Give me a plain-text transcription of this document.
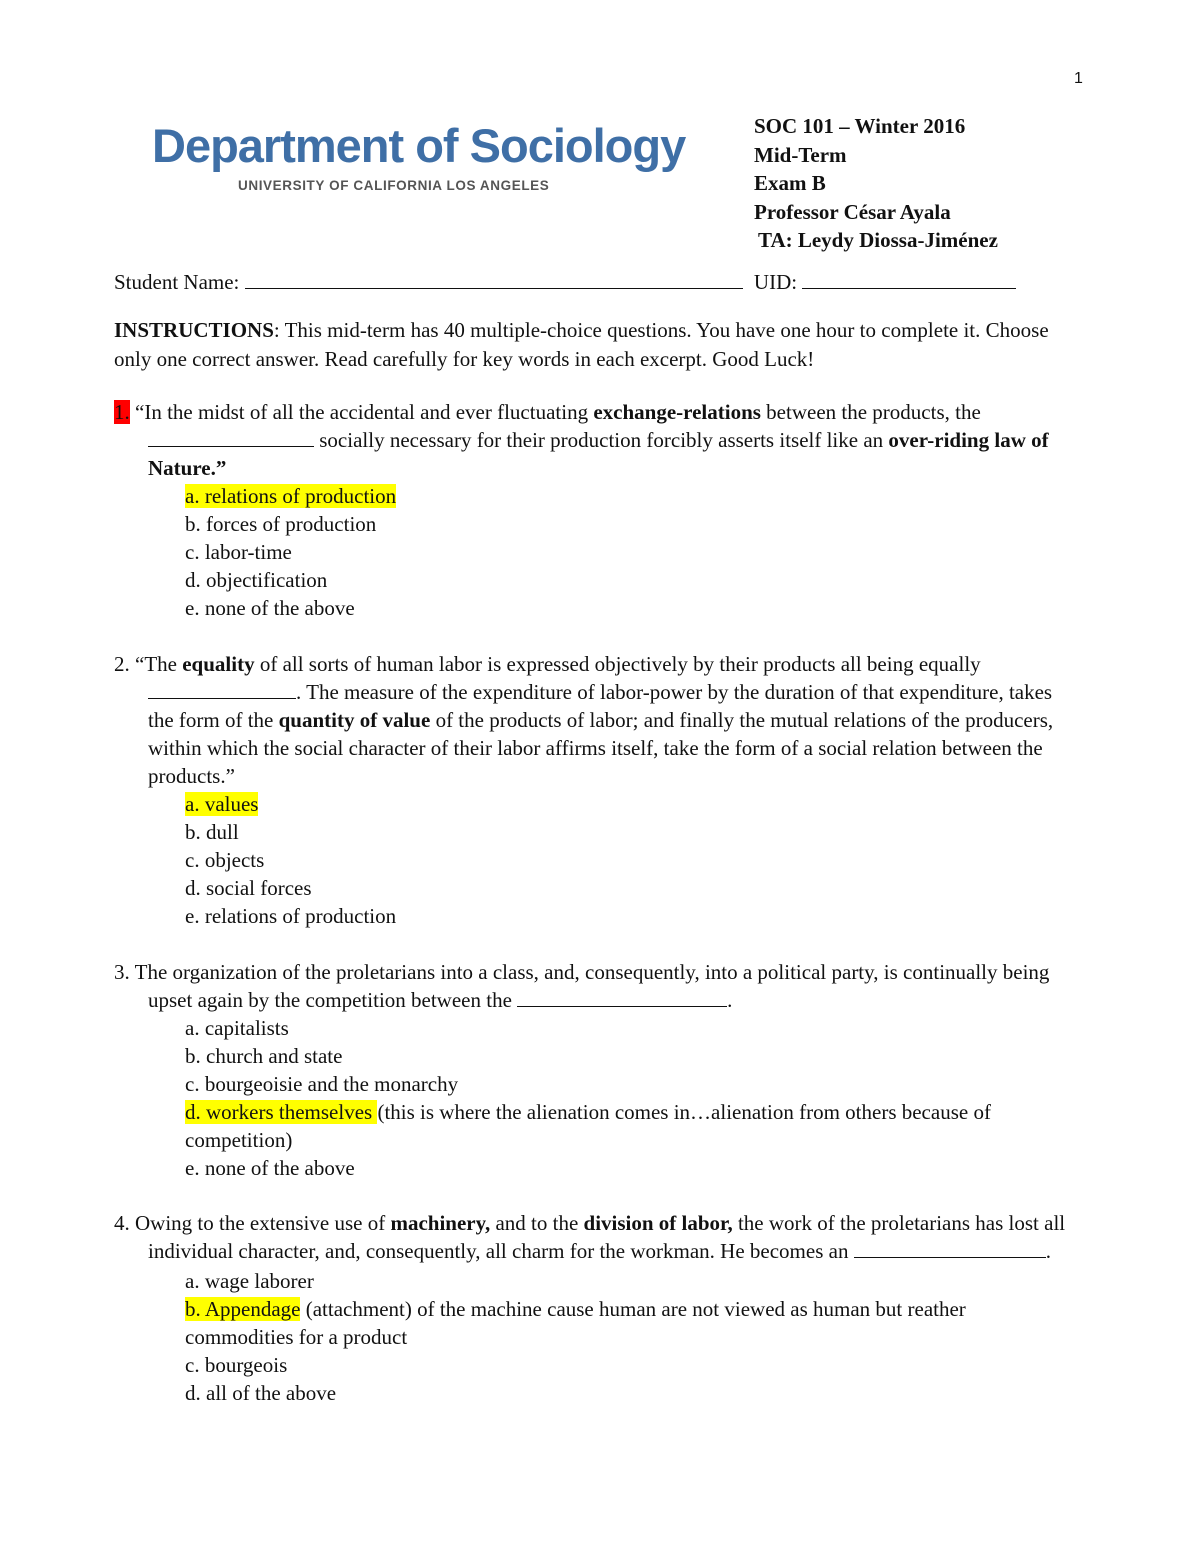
1
Department of Sociology
UNIVERSITY OF CALIFORNIA LOS ANGELES
SOC 101 – Winter 2016
Mid-Term
Exam B
Professor César Ayala
TA: Leydy Diossa-Jiménez
Student Name:	UID:
INSTRUCTIONS: This mid-term has 40 multiple-choice questions. You have one hour to complete it. Choose only one correct answer. Read carefully for key words in each excerpt. Good Luck!
1. “In the midst of all the accidental and ever fluctuating exchange-relations between the products, the  socially necessary for their production forcibly asserts itself like an over-riding law of Nature.”
a. relations of production
b. forces of production
c. labor-time
d. objectification
e. none of the above
2. “The equality of all sorts of human labor is expressed objectively by their products all being equally . The measure of the expenditure of labor-power by the duration of that expenditure, takes the form of the quantity of value of the products of labor; and finally the mutual relations of the producers, within which the social character of their labor affirms itself, take the form of a social relation between the products.”
a. values
b. dull
c. objects
d. social forces
e. relations of production
3. The organization of the proletarians into a class, and, consequently, into a political party, is continually being upset again by the competition between the	.
a. capitalists
b. church and state
c. bourgeoisie and the monarchy
d. workers themselves (this is where the alienation comes in…alienation from others because of competition)
e. none of the above
4. Owing to the extensive use of machinery, and to the division of labor, the work of the proletarians has lost all individual character, and, consequently, all charm for the workman. He becomes an	.
a. wage laborer
b. Appendage (attachment) of the machine cause human are not viewed as human but reather commodities for a product
c. bourgeois
d. all of the above
